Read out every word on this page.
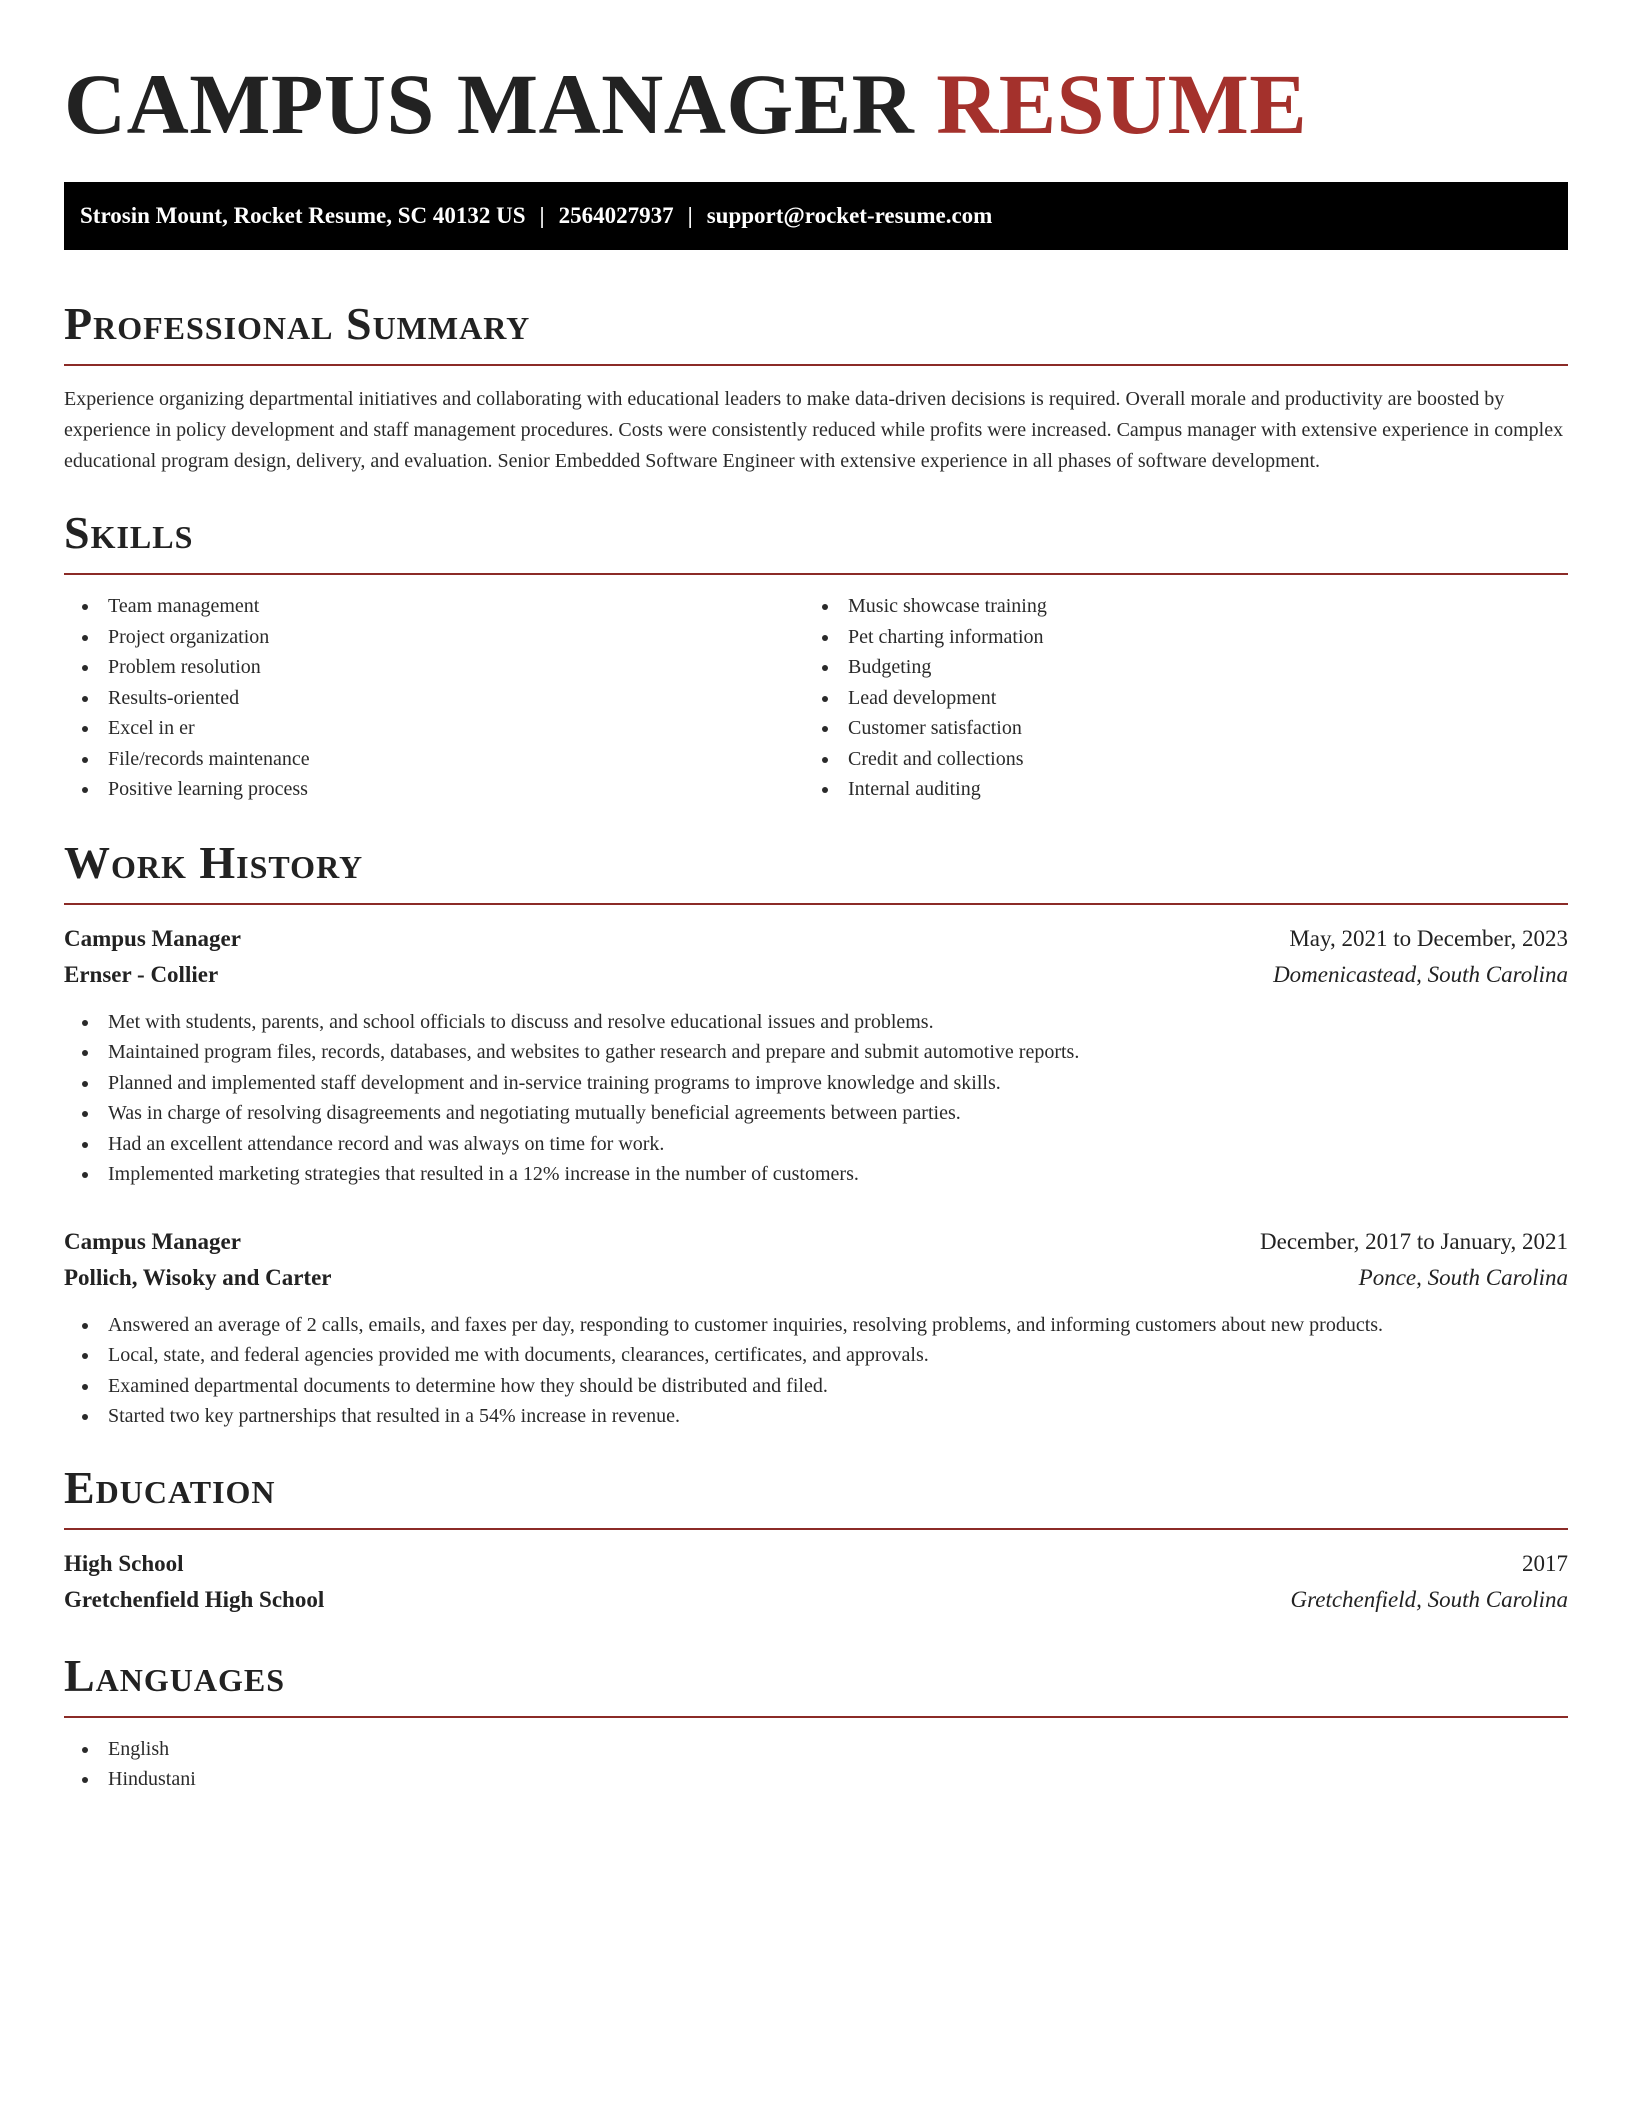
CAMPUS MANAGER RESUME
Strosin Mount, Rocket Resume, SC 40132 US | 2564027937 | support@rocket-resume.com
Professional Summary

Experience organizing departmental initiatives and collaborating with educational leaders to make data-driven decisions is required. Overall morale and productivity are boosted by experience in policy development and staff management procedures. Costs were consistently reduced while profits were increased. Campus manager with extensive experience in complex educational program design, delivery, and evaluation. Senior Embedded Software Engineer with extensive experience in all phases of software development.

Skills
Team management
Project organization
Problem resolution
Results-oriented
Excel in er
File/records maintenance
Positive learning process
Music showcase training
Pet charting information
Budgeting
Lead development
Customer satisfaction
Credit and collections
Internal auditing
Work History
Campus Manager	May, 2021 to December, 2023
Ernser - Collier	Domenicastead, South Carolina
Met with students, parents, and school officials to discuss and resolve educational issues and problems.
Maintained program files, records, databases, and websites to gather research and prepare and submit automotive reports.
Planned and implemented staff development and in-service training programs to improve knowledge and skills.
Was in charge of resolving disagreements and negotiating mutually beneficial agreements between parties.
Had an excellent attendance record and was always on time for work.
Implemented marketing strategies that resulted in a 12% increase in the number of customers.
Campus Manager	December, 2017 to January, 2021
Pollich, Wisoky and Carter	Ponce, South Carolina
Answered an average of 2 calls, emails, and faxes per day, responding to customer inquiries, resolving problems, and informing customers about new products.
Local, state, and federal agencies provided me with documents, clearances, certificates, and approvals.
Examined departmental documents to determine how they should be distributed and filed.
Started two key partnerships that resulted in a 54% increase in revenue.
Education
High School	2017
Gretchenfield High School	Gretchenfield, South Carolina
Languages
English
Hindustani
